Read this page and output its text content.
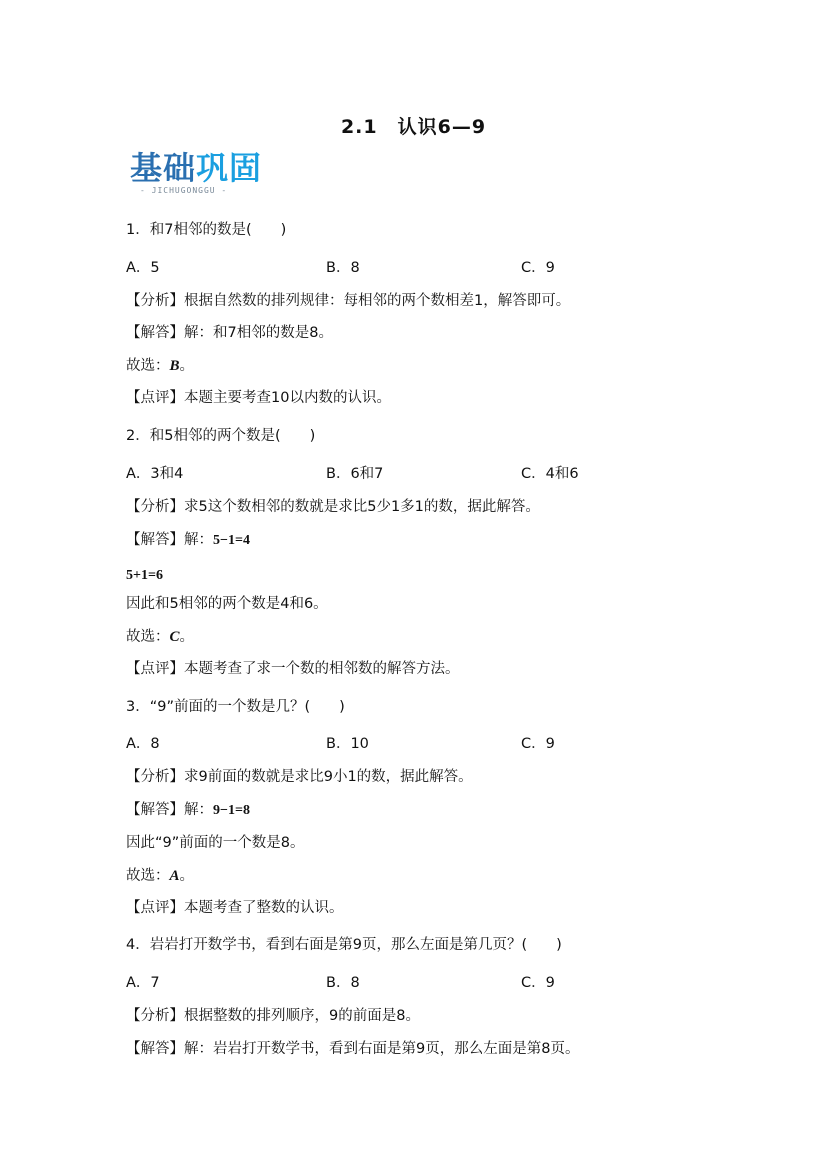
2.1　认识6—9
基础巩固
- JICHUGONGGU -
1．和7相邻的数是(　　)
A．5	B．8	C．9
【分析】根据自然数的排列规律：每相邻的两个数相差1，解答即可。
【解答】解：和7相邻的数是8。
故选：B。
【点评】本题主要考查10以内数的认识。
2．和5相邻的两个数是(　　)
A．3和4	B．6和7	C．4和6
【分析】求5这个数相邻的数就是求比5少1多1的数，据此解答。
【解答】解：5−1=4
5+1=6
因此和5相邻的两个数是4和6。
故选：C。
【点评】本题考查了求一个数的相邻数的解答方法。
3．“9”前面的一个数是几？(　　)
A．8	B．10	C．9
【分析】求9前面的数就是求比9小1的数，据此解答。
【解答】解：9−1=8
因此“9”前面的一个数是8。
故选：A。
【点评】本题考查了整数的认识。
4．岩岩打开数学书，看到右面是第9页，那么左面是第几页？(　　)
A．7	B．8	C．9
【分析】根据整数的排列顺序，9的前面是8。
【解答】解：岩岩打开数学书，看到右面是第9页，那么左面是第8页。
